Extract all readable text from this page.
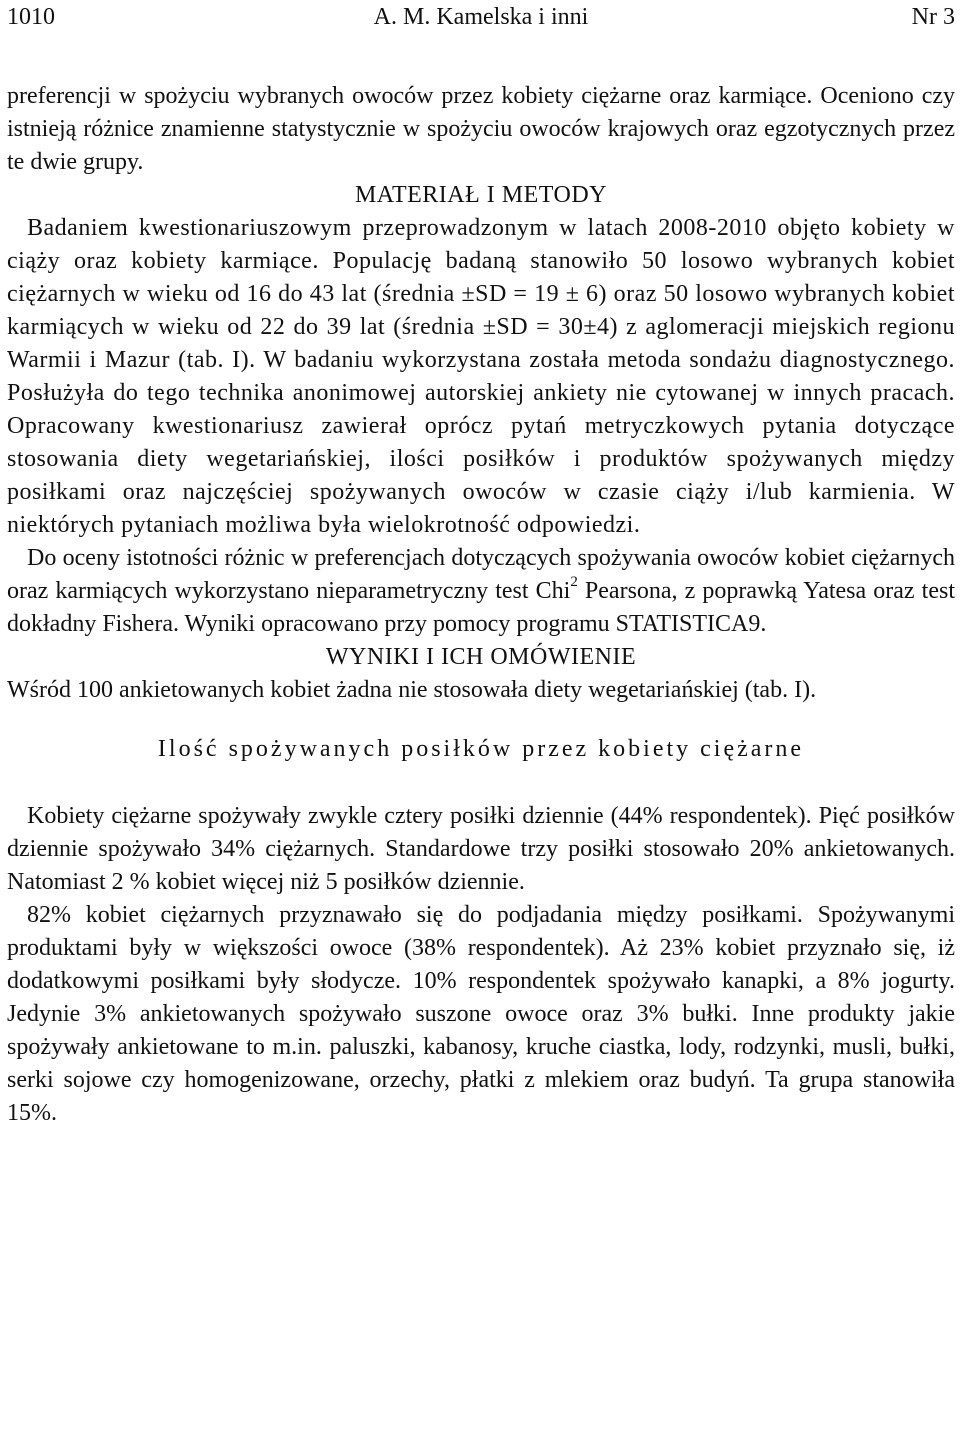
1010	A. M. Kamelska i inni	Nr 3

preferencji w spożyciu wybranych owoców przez kobiety ciężarne oraz karmiące. Oceniono czy istnieją różnice znamienne statystycznie w spożyciu owoców krajowych oraz egzotycznych przez te dwie grupy.

MATERIAŁ I METODY

Badaniem kwestionariuszowym przeprowadzonym w latach 2008-2010 objęto kobiety w ciąży oraz kobiety karmiące. Populację badaną stanowiło 50 losowo wybranych kobiet ciężarnych w wieku od 16 do 43 lat (średnia ±SD = 19 ± 6) oraz 50 losowo wybranych kobiet karmiących w wieku od 22 do 39 lat (średnia ±SD = 30±4) z aglomeracji miejskich regionu Warmii i Mazur (tab. I). W badaniu wykorzystana została metoda sondażu diagnostycznego. Posłużyła do tego technika anonimowej autorskiej ankiety nie cytowanej w innych pracach. Opracowany kwestionariusz zawierał oprócz pytań metryczkowych pytania dotyczące stosowania diety wegetariańskiej, ilości posiłków i produktów spożywanych między posiłkami oraz najczęściej spożywanych owoców w czasie ciąży i/lub karmienia. W niektórych pytaniach możliwa była wielokrotność odpowiedzi.

Do oceny istotności różnic w preferencjach dotyczących spożywania owoców kobiet ciężarnych oraz karmiących wykorzystano nieparametryczny test Chi$^2$ Pearsona, z poprawką Yatesa oraz test dokładny Fishera. Wyniki opracowano przy pomocy programu STATISTICA9.

WYNIKI I ICH OMÓWIENIE

Wśród 100 ankietowanych kobiet żadna nie stosowała diety wegetariańskiej (tab. I).

Ilość spożywanych posiłków przez kobiety ciężarne

Kobiety ciężarne spożywały zwykle cztery posiłki dziennie (44% respondentek). Pięć posiłków dziennie spożywało 34% ciężarnych. Standardowe trzy posiłki stosowało 20% ankietowanych. Natomiast 2 % kobiet więcej niż 5 posiłków dziennie.

82% kobiet ciężarnych przyznawało się do podjadania między posiłkami. Spożywanymi produktami były w większości owoce (38% respondentek). Aż 23% kobiet przyznało się, iż dodatkowymi posiłkami były słodycze. 10% respondentek spożywało kanapki, a 8% jogurty. Jedynie 3% ankietowanych spożywało suszone owoce oraz 3% bułki. Inne produkty jakie spożywały ankietowane to m.in. paluszki, kabanosy, kruche ciastka, lody, rodzynki, musli, bułki, serki sojowe czy homogenizowane, orzechy, płatki z mlekiem oraz budyń. Ta grupa stanowiła 15%.
